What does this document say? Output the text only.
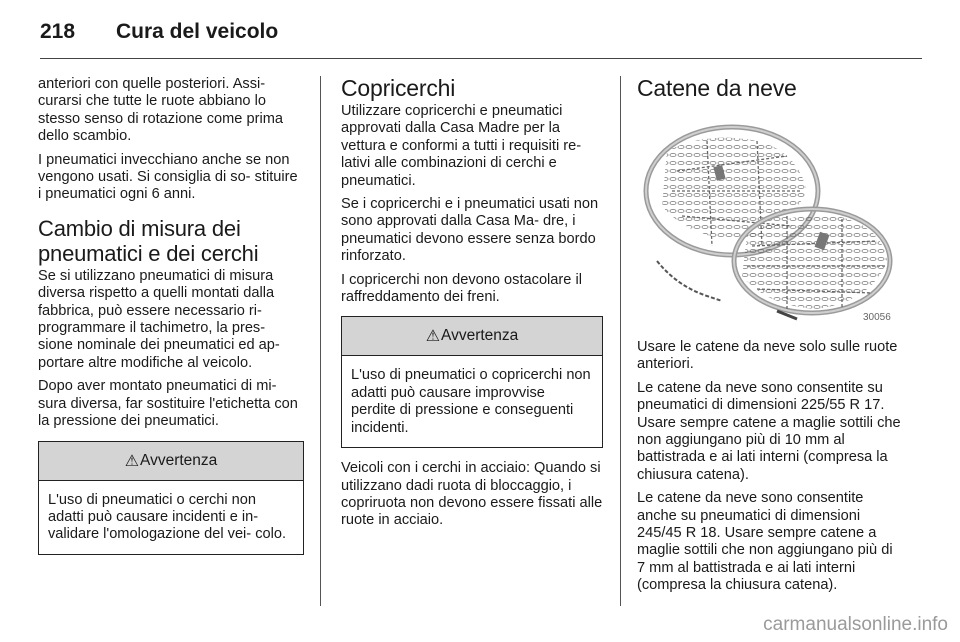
218 Cura del veicolo

anteriori con quelle posteriori. Assi- curarsi che tutte le ruote abbiano lo stesso senso di rotazione come prima dello scambio.

I pneumatici invecchiano anche se non vengono usati. Si consiglia di so- stituire i pneumatici ogni 6 anni.

Cambio di misura dei pneumatici e dei cerchi

Se si utilizzano pneumatici di misura diversa rispetto a quelli montati dalla fabbrica, può essere necessario ri- programmare il tachimetro, la pres- sione nominale dei pneumatici ed ap- portare altre modifiche al veicolo.

Dopo aver montato pneumatici di mi- sura diversa, far sostituire l'etichetta con la pressione dei pneumatici.

⚠ Avvertenza

L'uso di pneumatici o cerchi non adatti può causare incidenti e in- validare l'omologazione del vei- colo.

Copricerchi

Utilizzare copricerchi e pneumatici approvati dalla Casa Madre per la vettura e conformi a tutti i requisiti re- lativi alle combinazioni di cerchi e pneumatici.

Se i copricerchi e i pneumatici usati non sono approvati dalla Casa Ma- dre, i pneumatici devono essere senza bordo rinforzato.

I copricerchi non devono ostacolare il raffreddamento dei freni.

⚠ Avvertenza

L'uso di pneumatici o copricerchi non adatti può causare improvvise perdite di pressione e conseguenti incidenti.

Veicoli con i cerchi in acciaio: Quando si utilizzano dadi ruota di bloccaggio, i copriruota non devono essere fissati alle ruote in acciaio.

Catene da neve
30056

Usare le catene da neve solo sulle ruote anteriori.

Le catene da neve sono consentite su pneumatici di dimensioni 225/55 R 17. Usare sempre catene a maglie sottili che non aggiungano più di 10 mm al battistrada e ai lati interni (compresa la chiusura catena).

Le catene da neve sono consentite anche su pneumatici di dimensioni 245/45 R 18. Usare sempre catene a maglie sottili che non aggiungano più di 7 mm al battistrada e ai lati interni (compresa la chiusura catena).

carmanualsonline.info
